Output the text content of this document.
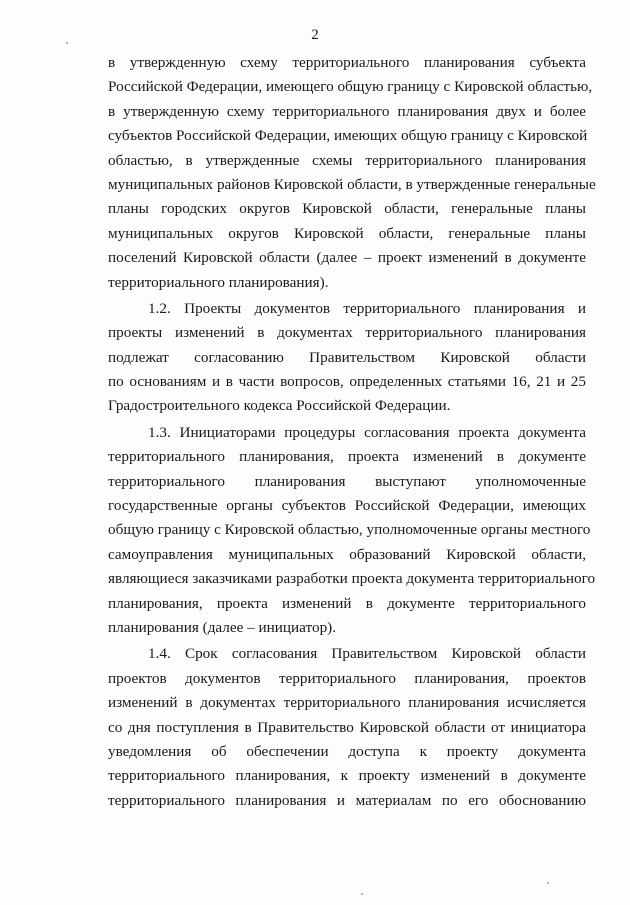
2
в утвержденную схему территориального планирования субъекта
Российской Федерации, имеющего общую границу с Кировской областью,
в утвержденную схему территориального планирования двух и более
субъектов Российской Федерации, имеющих общую границу с Кировской
областью, в утвержденные схемы территориального планирования
муниципальных районов Кировской области, в утвержденные генеральные
планы городских округов Кировской области, генеральные планы
муниципальных округов Кировской области, генеральные планы
поселений Кировской области (далее – проект изменений в документе
территориального планирования).
1.2. Проекты документов территориального планирования и
проекты изменений в документах территориального планирования
подлежат согласованию Правительством Кировской области
по основаниям и в части вопросов, определенных статьями 16, 21 и 25
Градостроительного кодекса Российской Федерации.
1.3. Инициаторами процедуры согласования проекта документа
территориального планирования, проекта изменений в документе
территориального планирования выступают уполномоченные
государственные органы субъектов Российской Федерации, имеющих
общую границу с Кировской областью, уполномоченные органы местного
самоуправления муниципальных образований Кировской области,
являющиеся заказчиками разработки проекта документа территориального
планирования, проекта изменений в документе территориального
планирования (далее – инициатор).
1.4. Срок согласования Правительством Кировской области
проектов документов территориального планирования, проектов
изменений в документах территориального планирования исчисляется
со дня поступления в Правительство Кировской области от инициатора
уведомления об обеспечении доступа к проекту документа
территориального планирования, к проекту изменений в документе
территориального планирования и материалам по его обоснованию
